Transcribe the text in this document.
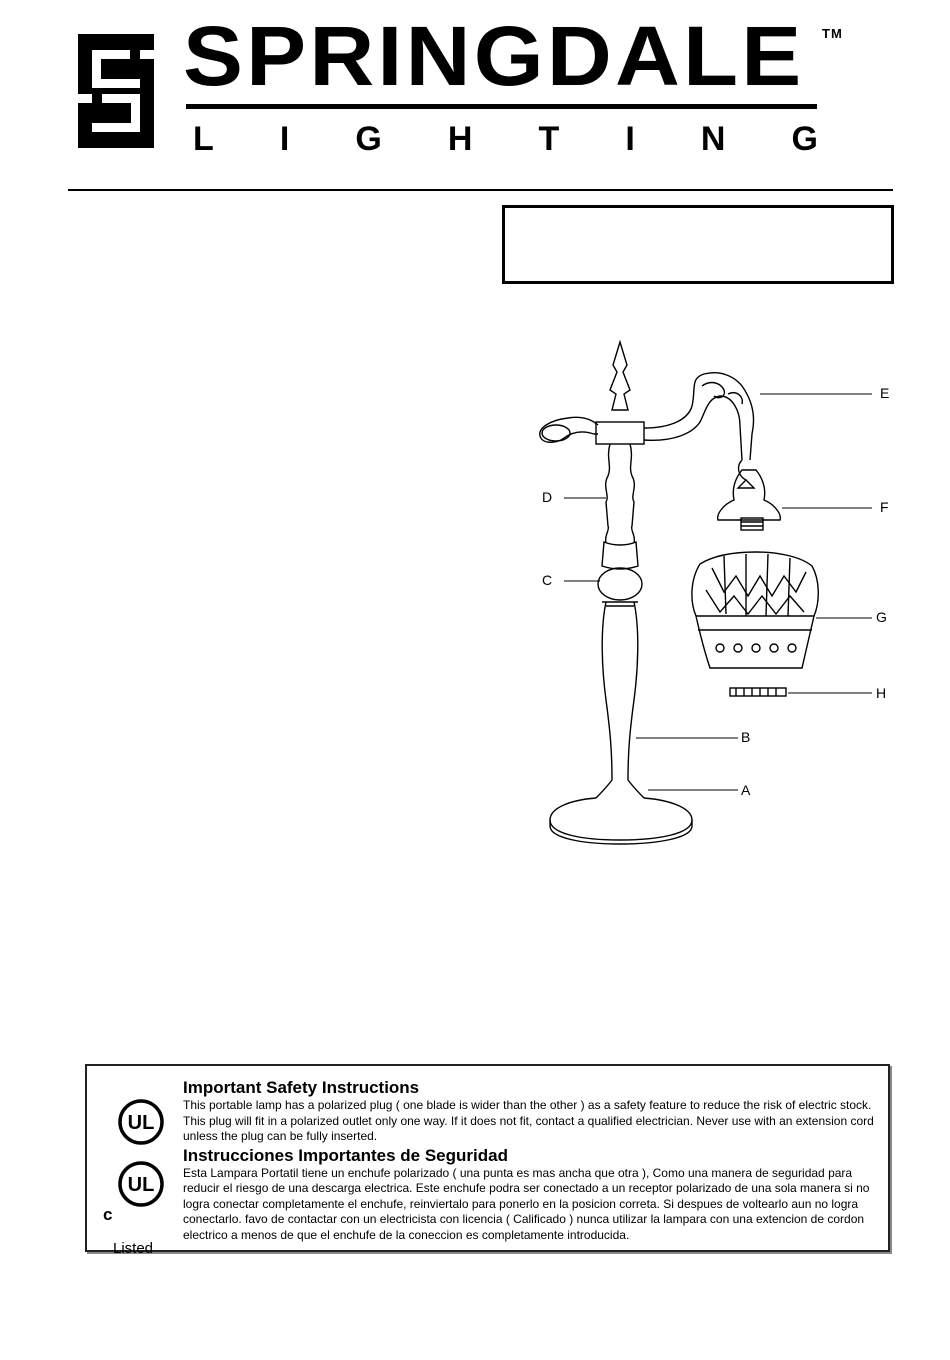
SPRINGDALE TM
L I G H T I N G
E
D
F
C
G
H
B
A
UL
UL
c
Listed
Important Safety Instructions

This portable lamp has a polarized plug ( one blade is wider than the other ) as a safety feature to reduce the risk of electric stock. This plug will fit in a polarized outlet only one way. If it does not fit, contact a qualified electrician. Never use with an extension cord unless the plug can be fully inserted.

Instrucciones Importantes de Seguridad

Esta Lampara Portatil tiene un enchufe polarizado ( una punta es mas ancha que otra ), Como una manera de seguridad para reducir el riesgo de una descarga electrica. Este enchufe podra ser conectado a un receptor polarizado de una sola manera si no logra conectar completamente el enchufe, reinviertalo para ponerlo en la posicion correta. Si despues de voltearlo aun no logra conectarlo. favo de contactar con un electricista con licencia ( Calificado ) nunca utilizar la lampara con una extencion de cordon electrico a menos de que el enchufe de la coneccion es completamente introducida.
